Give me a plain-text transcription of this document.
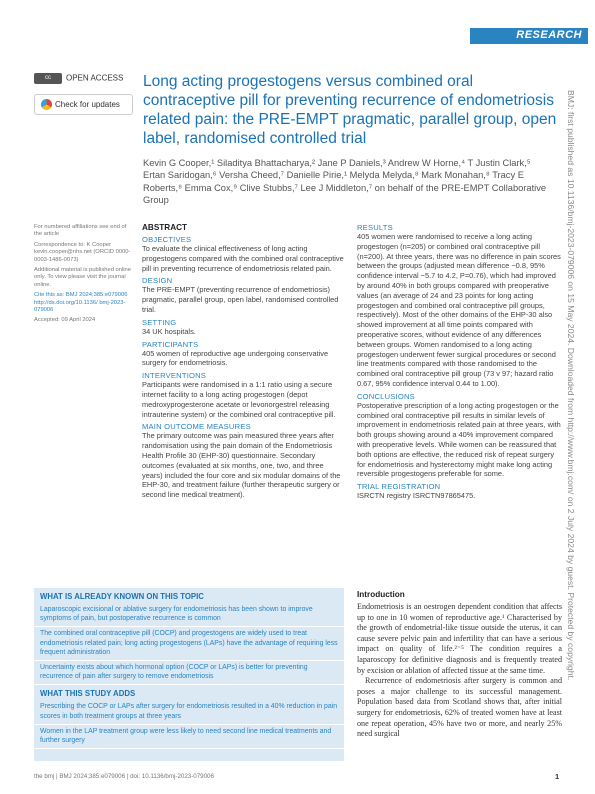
RESEARCH
cc OPEN ACCESS
Check for updates
Long acting progestogens versus combined oral contraceptive pill for preventing recurrence of endometriosis related pain: the PRE-EMPT pragmatic, parallel group, open label, randomised controlled trial
Kevin G Cooper,¹ Siladitya Bhattacharya,² Jane P Daniels,³ Andrew W Horne,⁴ T Justin Clark,⁵ Ertan Saridogan,⁶ Versha Cheed,⁷ Danielle Pirie,¹ Melyda Melyda,⁸ Mark Monahan,⁸ Tracy E Roberts,⁸ Emma Cox,⁹ Clive Stubbs,⁷ Lee J Middleton,⁷ on behalf of the PRE-EMPT Collaborative Group

For numbered affiliations see end of the article

Correspondence to: K Cooper kevin.cooper@nhs.net (ORCID 0000-0003-1486-0073)

Additional material is published online only. To view please visit the journal online.

Cite this as: BMJ 2024;385:e079006 http://dx.doi.org/10.1136/ bmj-2023-079006

Accepted: 09 April 2024

ABSTRACT
OBJECTIVES

To evaluate the clinical effectiveness of long acting progestogens compared with the combined oral contraceptive pill in preventing recurrence of endometriosis related pain.

DESIGN

The PRE-EMPT (preventing recurrence of endometriosis) pragmatic, parallel group, open label, randomised controlled trial.

SETTING

34 UK hospitals.

PARTICIPANTS

405 women of reproductive age undergoing conservative surgery for endometriosis.

INTERVENTIONS

Participants were randomised in a 1:1 ratio using a secure internet facility to a long acting progestogen (depot medroxyprogesterone acetate or levonorgestrel releasing intrauterine system) or the combined oral contraceptive pill.

MAIN OUTCOME MEASURES

The primary outcome was pain measured three years after randomisation using the pain domain of the Endometriosis Health Profile 30 (EHP-30) questionnaire. Secondary outcomes (evaluated at six months, one, two, and three years) included the four core and six modular domains of the EHP-30, and treatment failure (further therapeutic surgery or second line medical treatment).

RESULTS

405 women were randomised to receive a long acting progestogen (n=205) or combined oral contraceptive pill (n=200). At three years, there was no difference in pain scores between the groups (adjusted mean difference −0.8, 95% confidence interval −5.7 to 4.2, P=0.76), which had improved by around 40% in both groups compared with preoperative values (an average of 24 and 23 points for long acting progestogen and combined oral contraceptive pill groups, respectively). Most of the other domains of the EHP-30 also showed improvement at all time points compared with preoperative scores, without evidence of any differences between groups. Women randomised to a long acting progestogen underwent fewer surgical procedures or second line treatments compared with those randomised to the combined oral contraceptive pill group (73 v 97; hazard ratio 0.67, 95% confidence interval 0.44 to 1.00).

CONCLUSIONS

Postoperative prescription of a long acting progestogen or the combined oral contraceptive pill results in similar levels of improvement in endometriosis related pain at three years, with both groups showing around a 40% improvement compared with preoperative levels. While women can be reassured that both options are effective, the reduced risk of repeat surgery for endometriosis and hysterectomy might make long acting reversible progestogens preferable for some.

TRIAL REGISTRATION

ISRCTN registry ISRCTN97865475.

WHAT IS ALREADY KNOWN ON THIS TOPIC
Laparoscopic excisional or ablative surgery for endometriosis has been shown to improve symptoms of pain, but postoperative recurrence is common
The combined oral contraceptive pill (COCP) and progestogens are widely used to treat endometriosis related pain; long acting progestogens (LAPs) have the advantage of requiring less frequent administration
Uncertainty exists about which hormonal option (COCP or LAPs) is better for preventing recurrence of pain after surgery to remove endometriosis
WHAT THIS STUDY ADDS
Prescribing the COCP or LAPs after surgery for endometriosis resulted in a 40% reduction in pain scores in both treatment groups at three years
Women in the LAP treatment group were less likely to need second line medical treatments and further surgery
Introduction

Endometriosis is an oestrogen dependent condition that affects up to one in 10 women of reproductive age.¹ Characterised by the growth of endometrial-like tissue outside the uterus, it can cause severe pelvic pain and infertility that can have a serious impact on quality of life.²⁻⁵ The condition requires a laparoscopy for definitive diagnosis and is frequently treated by excision or ablation of affected tissue at the same time.

Recurrence of endometriosis after surgery is common and poses a major challenge to its successful management. Population based data from Scotland shows that, after initial surgery for endometriosis, 62% of treated women have at least one repeat operation, 45% have two or more, and nearly 25% need surgical

the bmj | BMJ 2024;385:e079006 | doi: 10.1136/bmj-2023-079006	1
BMJ: first published as 10.1136/bmj-2023-079006 on 15 May 2024. Downloaded from http://www.bmj.com/ on 2 July 2024 by guest. Protected by copyright.
